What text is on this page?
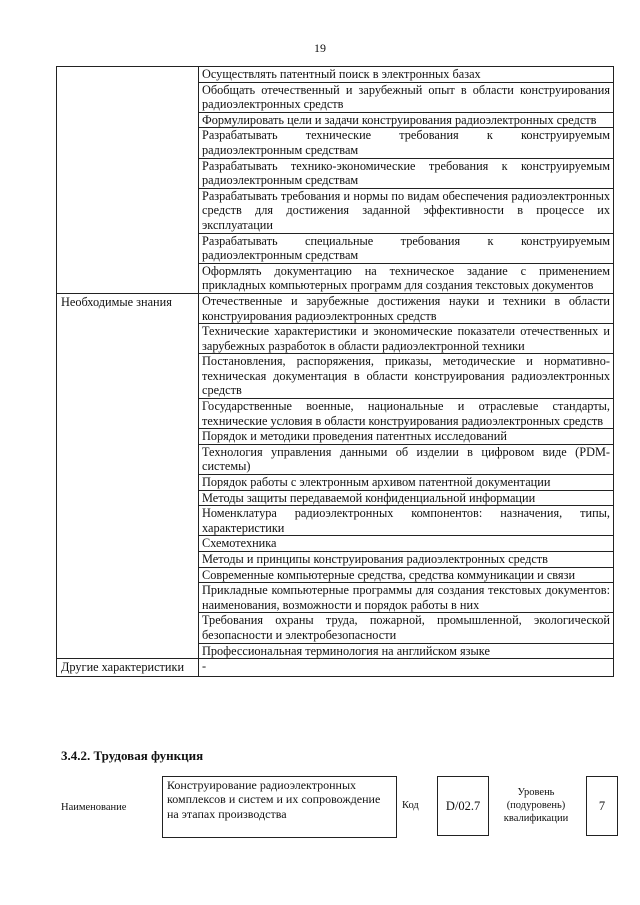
19
	Осуществлять патентный поиск в электронных базах
	Обобщать отечественный и зарубежный опыт в области конструирования радиоэлектронных средств
	Формулировать цели и задачи конструирования радиоэлектронных средств
	Разрабатывать технические требования к конструируемым радиоэлектронным средствам
	Разрабатывать технико-экономические требования к конструируемым радиоэлектронным средствам
	Разрабатывать требования и нормы по видам обеспечения радиоэлектронных средств для достижения заданной эффективности в процессе их эксплуатации
	Разрабатывать специальные требования к конструируемым радиоэлектронным средствам
	Оформлять документацию на техническое задание с применением прикладных компьютерных программ для создания текстовых документов
Необходимые знания	Отечественные и зарубежные достижения науки и техники в области конструирования радиоэлектронных средств
	Технические характеристики и экономические показатели отечественных и зарубежных разработок в области радиоэлектронной техники
	Постановления, распоряжения, приказы, методические и нормативно-техническая документация в области конструирования радиоэлектронных средств
	Государственные военные, национальные и отраслевые стандарты, технические условия в области конструирования радиоэлектронных средств
	Порядок и методики проведения патентных исследований
	Технология управления данными об изделии в цифровом виде (PDM-системы)
	Порядок работы с электронным архивом патентной документации
	Методы защиты передаваемой конфиденциальной информации
	Номенклатура радиоэлектронных компонентов: назначения, типы, характеристики
	Схемотехника
	Методы и принципы конструирования радиоэлектронных средств
	Современные компьютерные средства, средства коммуникации и связи
	Прикладные компьютерные программы для создания текстовых документов: наименования, возможности и порядок работы в них
	Требования охраны труда, пожарной, промышленной, экологической безопасности и электробезопасности
	Профессиональная терминология на английском языке
Другие характеристики	-
3.4.2. Трудовая функция
Наименование
Конструирование радиоэлектронных комплексов и систем и их сопровождение на этапах производства
Код	D/02.7
Уровень (подуровень) квалификации
7
